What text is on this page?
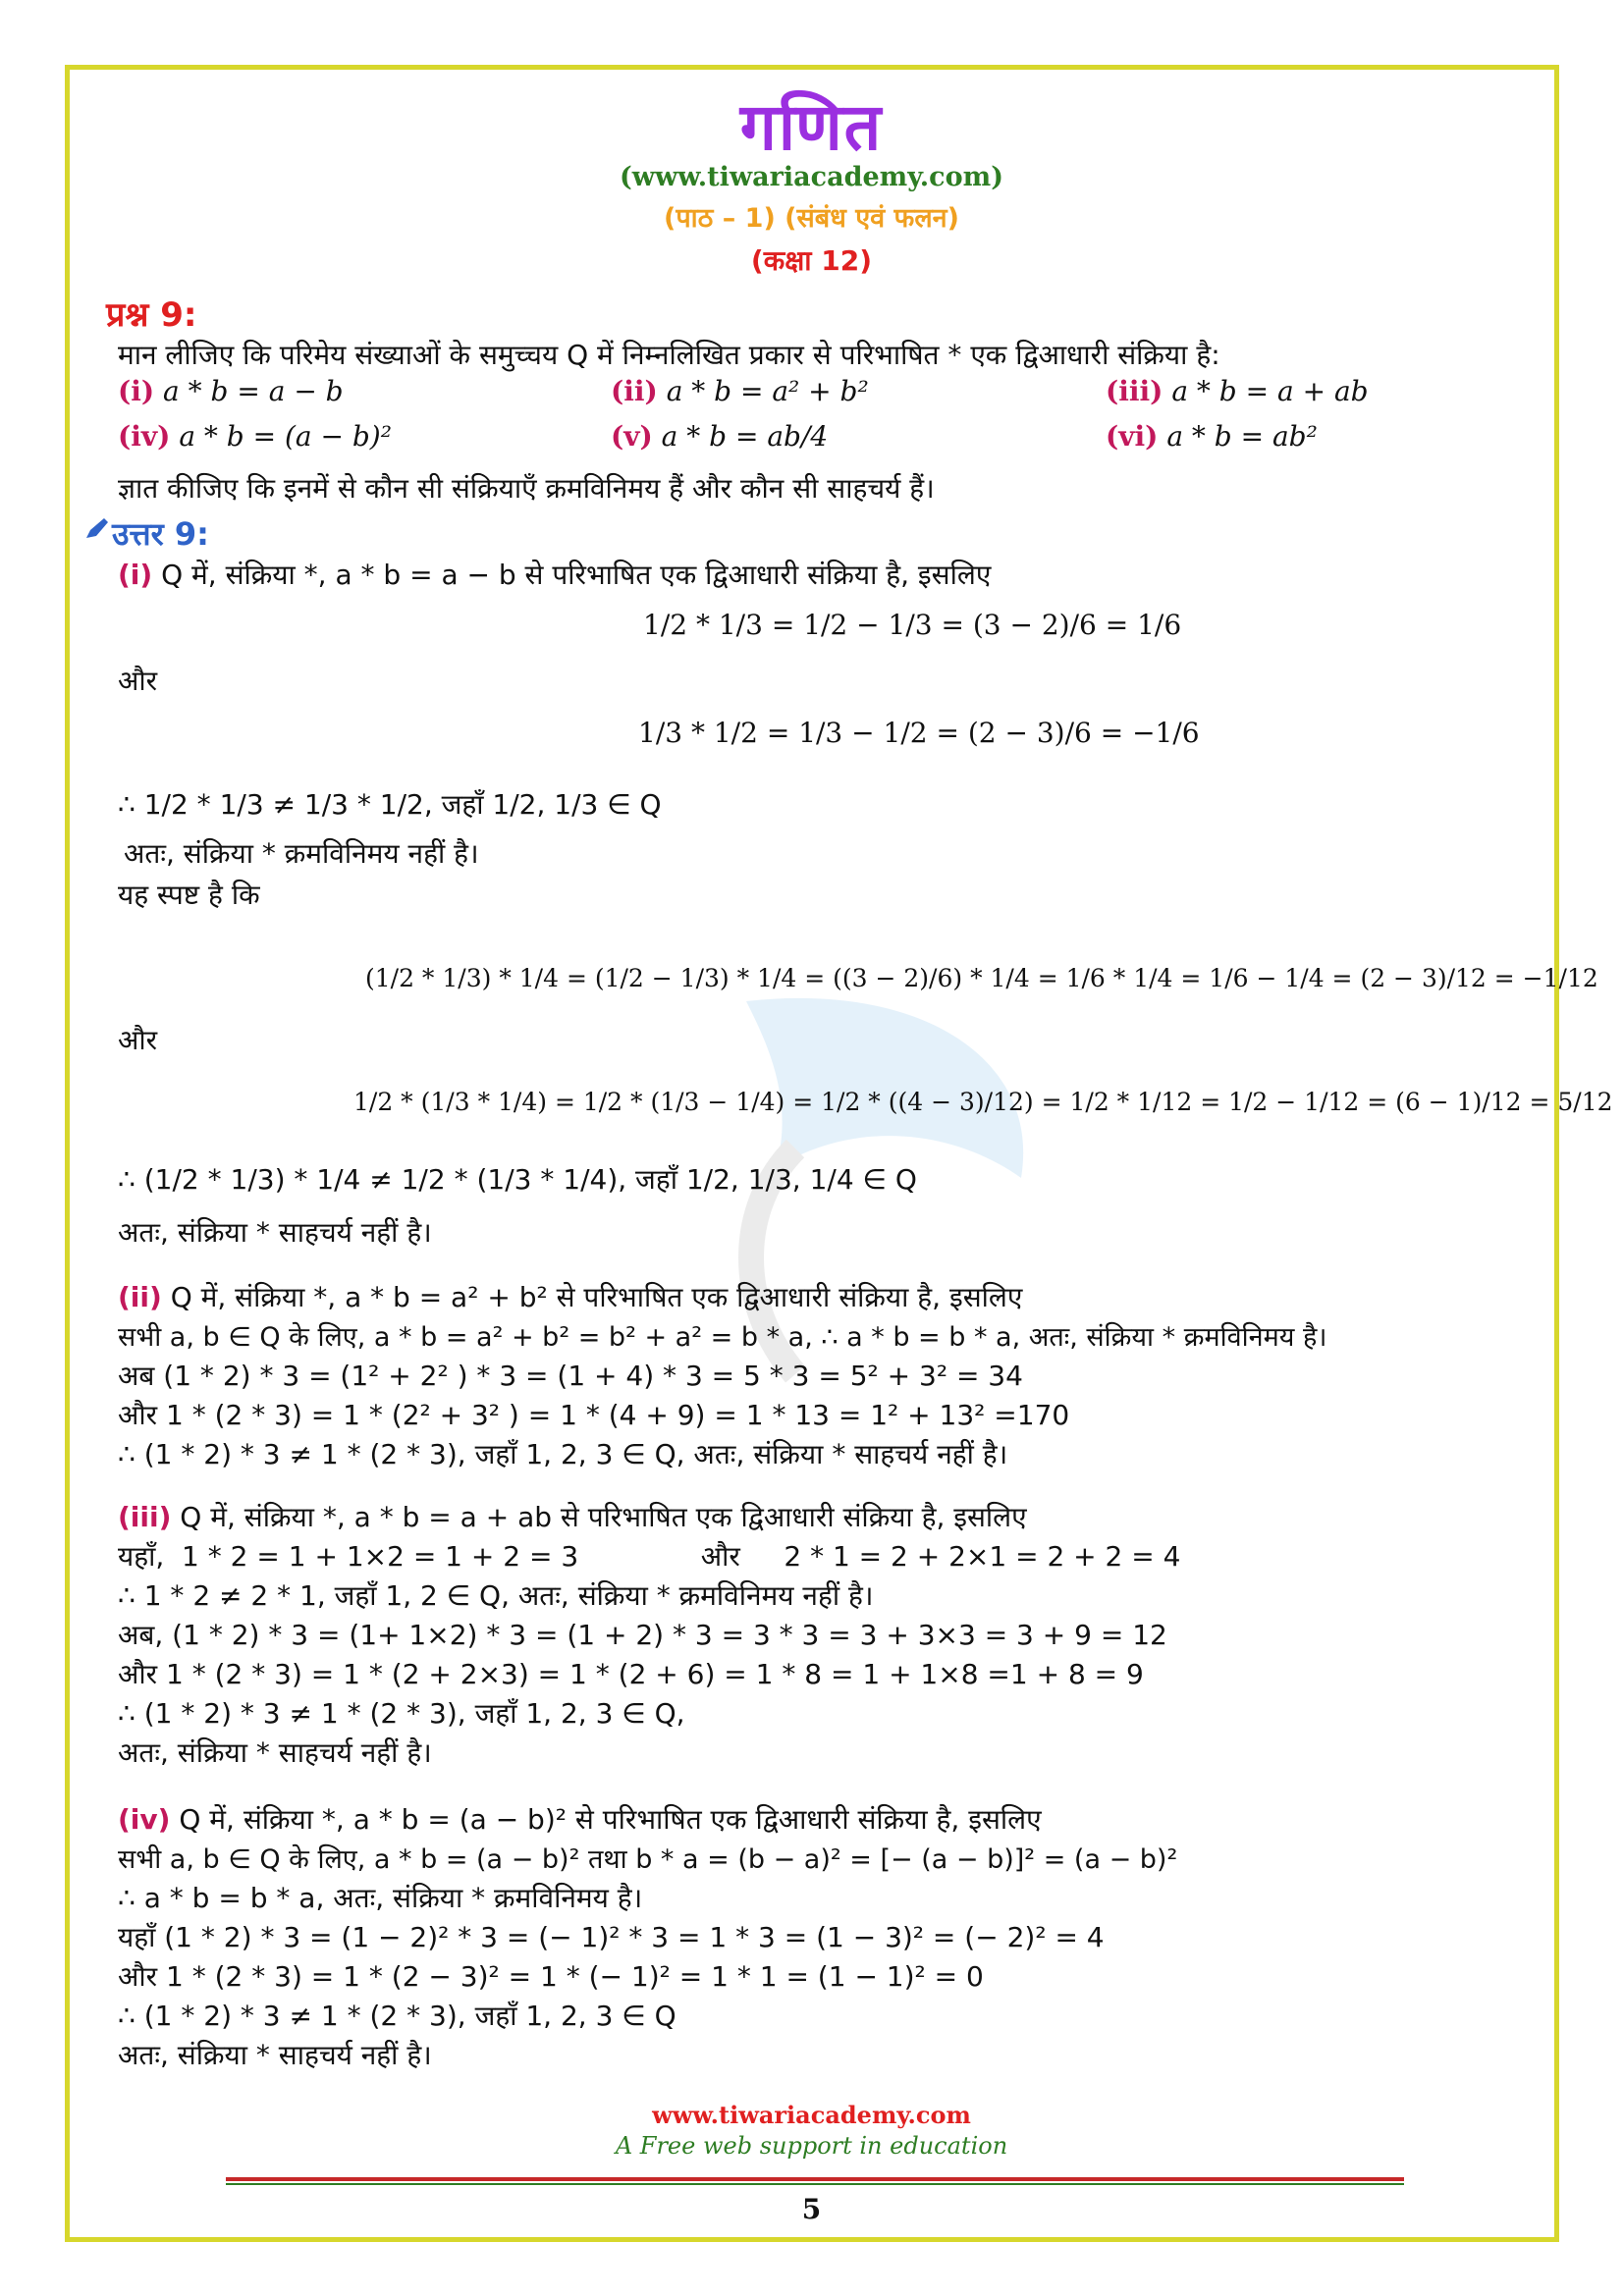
गणित
(www.tiwariacademy.com)
(पाठ – 1) (संबंध एवं फलन)
(कक्षा 12)
प्रश्न 9:
मान लीजिए कि परिमेय संख्याओं के समुच्चय Q में निम्नलिखित प्रकार से परिभाषित * एक द्विआधारी संक्रिया है:
(i) a * b = a − b	(ii) a * b = a² + b²	(iii) a * b = a + ab
(iv) a * b = (a − b)²	(v) a * b = ab/4	(vi) a * b = ab²
ज्ञात कीजिए कि इनमें से कौन सी संक्रियाएँ क्रमविनिमय हैं और कौन सी साहचर्य हैं।
उत्तर 9:
(i) Q में, संक्रिया *, a * b = a − b से परिभाषित एक द्विआधारी संक्रिया है, इसलिए
1/2 * 1/3 = 1/2 − 1/3 = (3 − 2)/6 = 1/6
और
1/3 * 1/2 = 1/3 − 1/2 = (2 − 3)/6 = −1/6
∴ 1/2 * 1/3 ≠ 1/3 * 1/2, जहाँ 1/2, 1/3 ∈ Q
अतः, संक्रिया * क्रमविनिमय नहीं है।
यह स्पष्ट है कि
(1/2 * 1/3) * 1/4 = (1/2 − 1/3) * 1/4 = ((3 − 2)/6) * 1/4 = 1/6 * 1/4 = 1/6 − 1/4 = (2 − 3)/12 = −1/12
और
1/2 * (1/3 * 1/4) = 1/2 * (1/3 − 1/4) = 1/2 * ((4 − 3)/12) = 1/2 * 1/12 = 1/2 − 1/12 = (6 − 1)/12 = 5/12
∴ (1/2 * 1/3) * 1/4 ≠ 1/2 * (1/3 * 1/4), जहाँ 1/2, 1/3, 1/4 ∈ Q
अतः, संक्रिया * साहचर्य नहीं है।
(ii) Q में, संक्रिया *, a * b = a² + b² से परिभाषित एक द्विआधारी संक्रिया है, इसलिए
सभी a, b ∈ Q के लिए, a * b = a² + b² = b² + a² = b * a, ∴ a * b = b * a, अतः, संक्रिया * क्रमविनिमय है।
अब (1 * 2) * 3 = (1² + 2² ) * 3 = (1 + 4) * 3 = 5 * 3 = 5² + 3² = 34
और 1 * (2 * 3) = 1 * (2² + 3² ) = 1 * (4 + 9) = 1 * 13 = 1² + 13² =170
∴ (1 * 2) * 3 ≠ 1 * (2 * 3), जहाँ 1, 2, 3 ∈ Q, अतः, संक्रिया * साहचर्य नहीं है।
(iii) Q में, संक्रिया *, a * b = a + ab से परिभाषित एक द्विआधारी संक्रिया है, इसलिए
यहाँ,  1 * 2 = 1 + 1×2 = 1 + 2 = 3              और     2 * 1 = 2 + 2×1 = 2 + 2 = 4
∴ 1 * 2 ≠ 2 * 1, जहाँ 1, 2 ∈ Q, अतः, संक्रिया * क्रमविनिमय नहीं है।
अब, (1 * 2) * 3 = (1+ 1×2) * 3 = (1 + 2) * 3 = 3 * 3 = 3 + 3×3 = 3 + 9 = 12
और 1 * (2 * 3) = 1 * (2 + 2×3) = 1 * (2 + 6) = 1 * 8 = 1 + 1×8 =1 + 8 = 9
∴ (1 * 2) * 3 ≠ 1 * (2 * 3), जहाँ 1, 2, 3 ∈ Q,
अतः, संक्रिया * साहचर्य नहीं है।
(iv) Q में, संक्रिया *, a * b = (a − b)² से परिभाषित एक द्विआधारी संक्रिया है, इसलिए
सभी a, b ∈ Q के लिए, a * b = (a − b)² तथा b * a = (b − a)² = [− (a − b)]² = (a − b)²
∴ a * b = b * a, अतः, संक्रिया * क्रमविनिमय है।
यहाँ (1 * 2) * 3 = (1 − 2)² * 3 = (− 1)² * 3 = 1 * 3 = (1 − 3)² = (− 2)² = 4
और 1 * (2 * 3) = 1 * (2 − 3)² = 1 * (− 1)² = 1 * 1 = (1 − 1)² = 0
∴ (1 * 2) * 3 ≠ 1 * (2 * 3), जहाँ 1, 2, 3 ∈ Q
अतः, संक्रिया * साहचर्य नहीं है।
www.tiwariacademy.com
A Free web support in education
5
